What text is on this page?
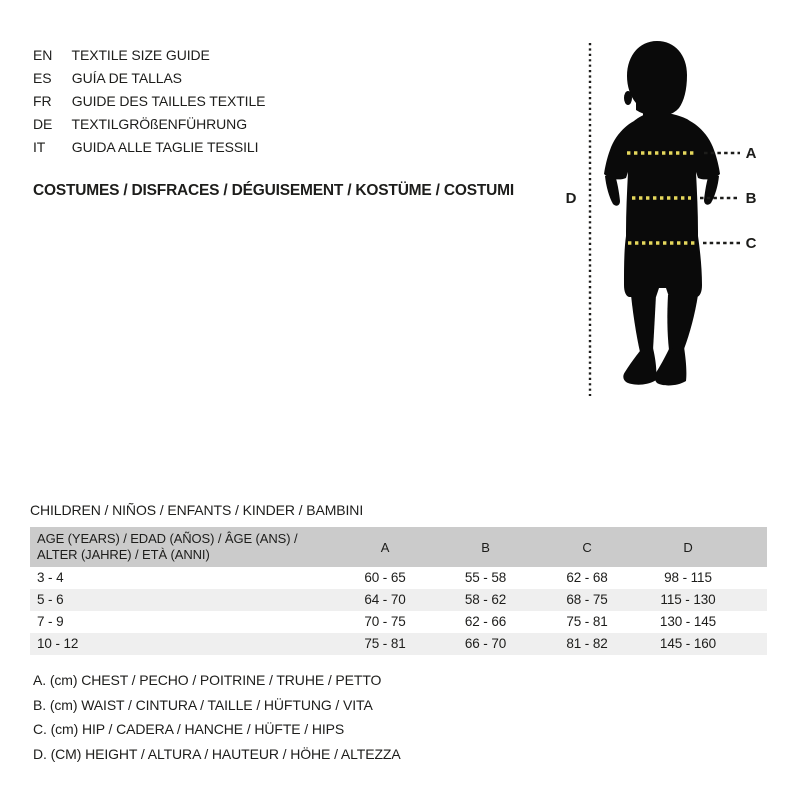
EN TEXTILE SIZE GUIDE
ES GUÍA DE TALLAS
FR GUIDE DES TAILLES TEXTILE
DE TEXTILGRÖßENFÜHRUNG
IT GUIDA ALLE TAGLIE TESSILI
COSTUMES / DISFRACES / DÉGUISEMENT / KOSTÜME / COSTUMI	D
A
B
C
CHILDREN / NIÑOS / ENFANTS / KINDER / BAMBINI
AGE (YEARS) / EDAD (AÑOS) / ÂGE (ANS) /
ALTER (JAHRE) / ETÀ (ANNI)	A	B	C	D	
3 - 4	60 - 65	55 - 58	62 - 68	98 - 115	
5 - 6	64 - 70	58 - 62	68 - 75	115 - 130	
7 - 9	70 - 75	62 - 66	75 - 81	130 - 145	
10 - 12	75 - 81	66 - 70	81 - 82	145 - 160	
A. (cm) CHEST / PECHO / POITRINE / TRUHE / PETTO
B. (cm) WAIST / CINTURA / TAILLE / HÜFTUNG / VITA
C. (cm) HIP / CADERA / HANCHE / HÜFTE / HIPS
D. (CM) HEIGHT / ALTURA / HAUTEUR / HÖHE / ALTEZZA
